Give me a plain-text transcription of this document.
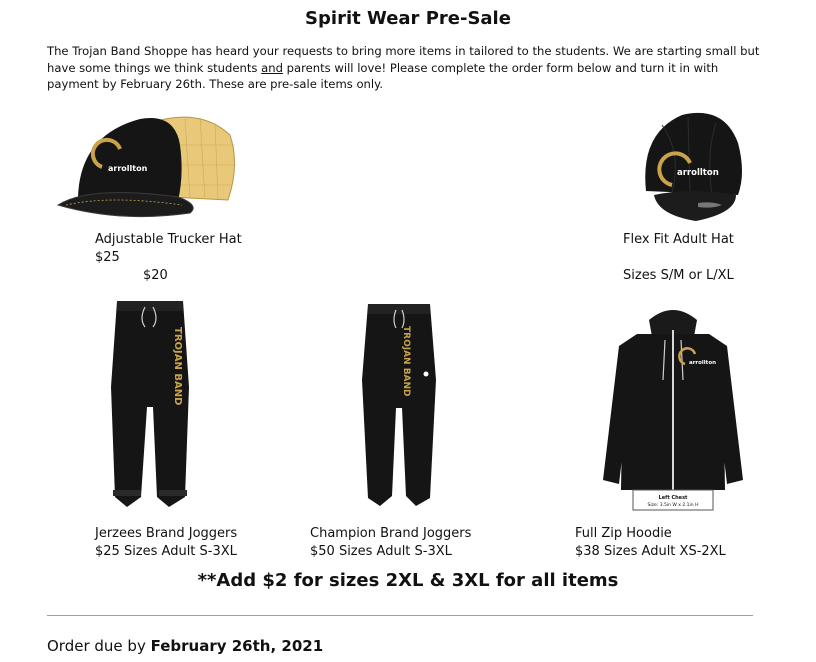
Spirit Wear Pre-Sale
The Trojan Band Shoppe has heard your requests to bring more items in tailored to the students. We are starting small but have some things we think students and parents will love! Please complete the order form below and turn it in with payment by February 26th. These are pre-sale items only.
arrollton	arrollton
Adjustable Trucker Hat
$25
$20
Flex Fit Adult Hat
Sizes S/M or L/XL
TROJAN BAND	TROJAN BAND	arrollton
Left Chest
Size: 3.5in W x 2.1in H
Jerzees Brand Joggers
$25 Sizes Adult S-3XL
Champion Brand Joggers
$50 Sizes Adult S-3XL
Full Zip Hoodie
$38 Sizes Adult XS-2XL
**Add $2 for sizes 2XL & 3XL for all items
Order due by February 26th, 2021
